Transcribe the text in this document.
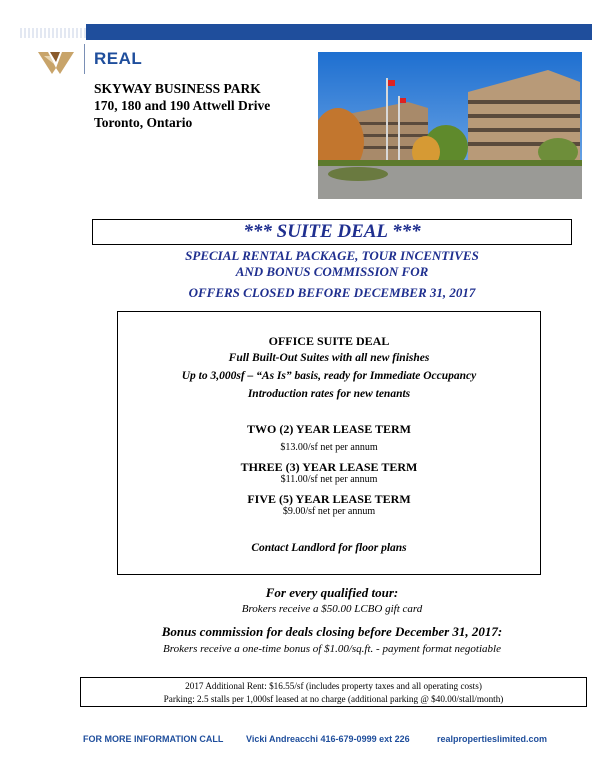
REAL
SKYWAY BUSINESS PARK
170, 180 and 190 Attwell Drive
Toronto, Ontario
*** SUITE DEAL ***
SPECIAL RENTAL PACKAGE, TOUR INCENTIVES
AND BONUS COMMISSION FOR
OFFERS CLOSED BEFORE DECEMBER 31, 2017
OFFICE SUITE DEAL
Full Built-Out Suites with all new finishes
Up to 3,000sf – “As Is” basis, ready for Immediate Occupancy
Introduction rates for new tenants
TWO (2) YEAR LEASE TERM
$13.00/sf net per annum
THREE (3) YEAR LEASE TERM
$11.00/sf net per annum
FIVE (5) YEAR LEASE TERM
$9.00/sf net per annum
Contact Landlord for floor plans
For every qualified tour:
Brokers receive a $50.00 LCBO gift card
Bonus commission for deals closing before December 31, 2017:
Brokers receive a one-time bonus of $1.00/sq.ft. - payment format negotiable
2017 Additional Rent: $16.55/sf (includes property taxes and all operating costs)
Parking: 2.5 stalls per 1,000sf leased at no charge (additional parking @ $40.00/stall/month)
FOR MORE INFORMATION CALL	Vicki Andreacchi 416-679-0999 ext 226	realpropertieslimited.com
